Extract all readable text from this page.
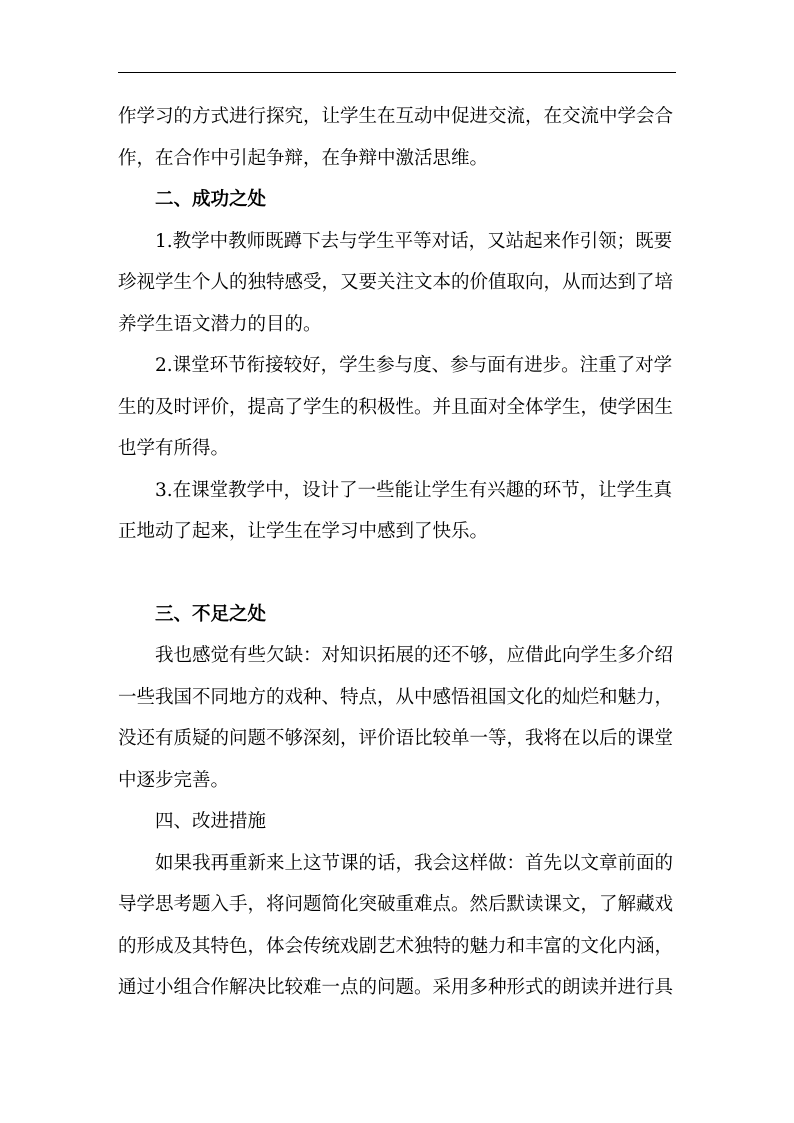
作学习的方式进行探究，让学生在互动中促进交流，在交流中学会合
作，在合作中引起争辩，在争辩中激活思维。

二、成功之处

1.教学中教师既蹲下去与学生平等对话，又站起来作引领；既要

珍视学生个人的独特感受，又要关注文本的价值取向，从而达到了培
养学生语文潜力的目的。

2.课堂环节衔接较好，学生参与度、参与面有进步。注重了对学

生的及时评价，提高了学生的积极性。并且面对全体学生，使学困生
也学有所得。

3.在课堂教学中，设计了一些能让学生有兴趣的环节，让学生真

正地动了起来，让学生在学习中感到了快乐。

三、不足之处

我也感觉有些欠缺：对知识拓展的还不够，应借此向学生多介绍

一些我国不同地方的戏种、特点，从中感悟祖国文化的灿烂和魅力，
没还有质疑的问题不够深刻，评价语比较单一等，我将在以后的课堂
中逐步完善。

四、改进措施

如果我再重新来上这节课的话，我会这样做：首先以文章前面的

导学思考题入手，将问题简化突破重难点。然后默读课文，了解藏戏
的形成及其特色，体会传统戏剧艺术独特的魅力和丰富的文化内涵，
通过小组合作解决比较难一点的问题。采用多种形式的朗读并进行具
